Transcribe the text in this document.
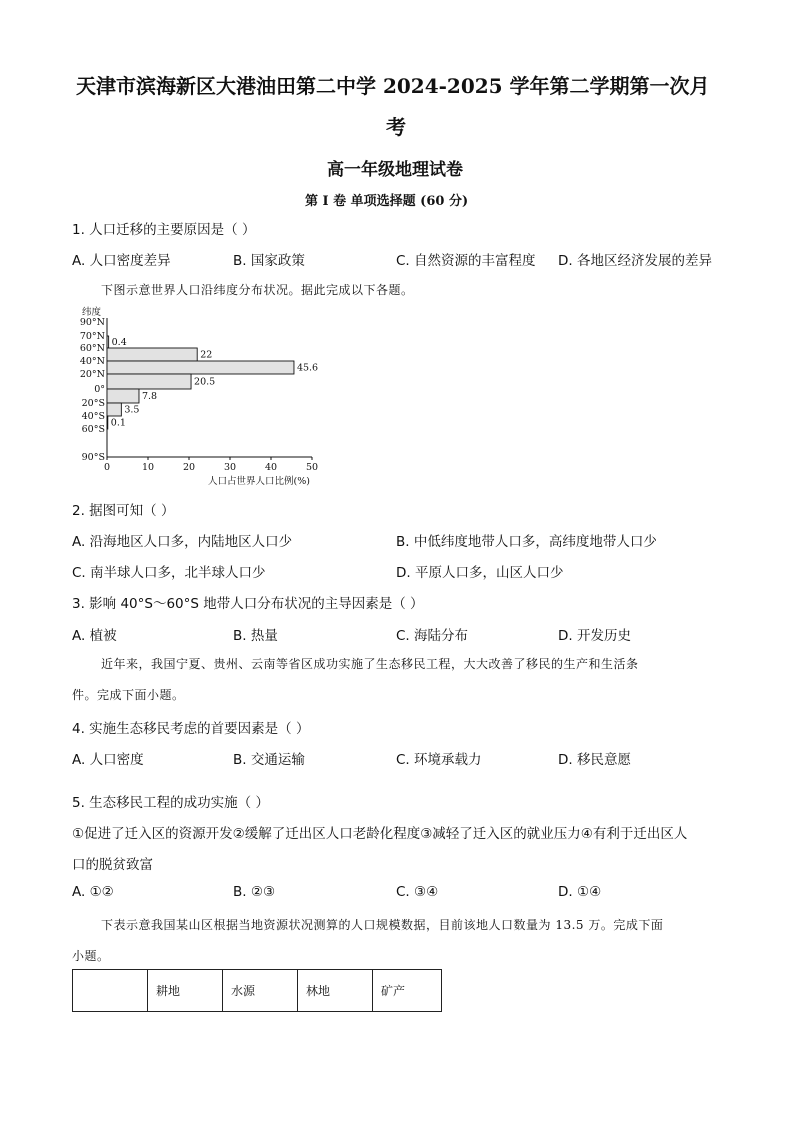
天津市滨海新区大港油田第二中学 2024-2025 学年第二学期第一次月
考
高一年级地理试卷
第 I 卷 单项选择题 (60 分)
1. 人口迁移的主要原因是（ ）
A. 人口密度差异	B. 国家政策	C. 自然资源的丰富程度 D. 各地区经济发展的差异
下图示意世界人口沿纬度分布状况。据此完成以下各题。
纬度
90°N
70°N
60°N
40°N
20°N
0°
20°S
40°S
60°S
90°S
0.4
22
45.6
20.5
7.8
3.5
0.1
0	10	20	30	40	50
人口占世界人口比例(%)
2. 据图可知（ ）
A. 沿海地区人口多，内陆地区人口少	B. 中低纬度地带人口多，高纬度地带人口少
C. 南半球人口多，北半球人口少	D. 平原人口多，山区人口少
3. 影响 40°S～60°S 地带人口分布状况的主导因素是（ ）
A. 植被	B. 热量	C. 海陆分布	D. 开发历史
近年来，我国宁夏、贵州、云南等省区成功实施了生态移民工程，大大改善了移民的生产和生活条
件。完成下面小题。
4. 实施生态移民考虑的首要因素是（ ）
A. 人口密度	B. 交通运输	C. 环境承载力	D. 移民意愿
5. 生态移民工程的成功实施（ ）
①促进了迁入区的资源开发②缓解了迁出区人口老龄化程度③减轻了迁入区的就业压力④有利于迁出区人
口的脱贫致富
A. ①②	B. ②③	C. ③④	D. ①④
下表示意我国某山区根据当地资源状况测算的人口规模数据，目前该地人口数量为 13.5 万。完成下面
小题。
	耕地	水源	林地	矿产
